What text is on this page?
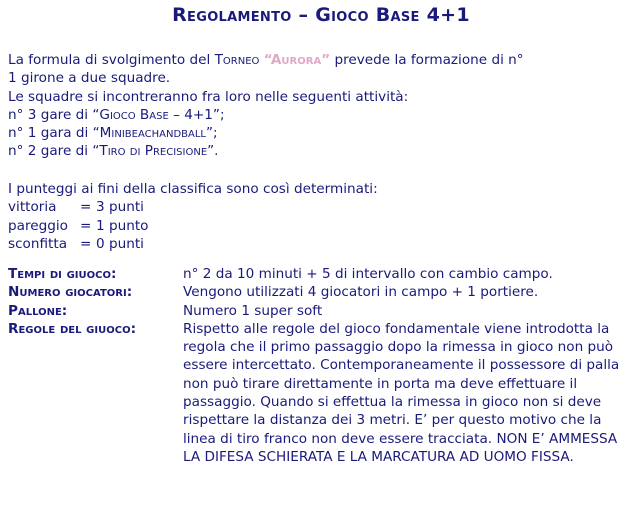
Regolamento – Gioco Base 4+1
La formula di svolgimento del Torneo “Aurora” prevede la formazione di n°
1 girone a due squadre.
Le squadre si incontreranno fra loro nelle seguenti attività:
n° 3 gare di “Gioco Base – 4+1”;
n° 1 gara di “Minibeachandball”;
n° 2 gare di “Tiro di Precisione”.
I punteggi ai fini della classifica sono così determinati:
vittoria	= 3 punti
pareggio = 1 punto
sconfitta = 0 punti
Tempi di giuoco:	n° 2 da 10 minuti + 5 di intervallo con cambio campo.
Numero giocatori:	Vengono utilizzati 4 giocatori in campo + 1 portiere.
Pallone:	Numero 1 super soft
Regole del giuoco:	Rispetto alle regole del gioco fondamentale viene introdotta la regola che il primo passaggio dopo la rimessa in gioco non può essere intercettato. Contemporaneamente il possessore di palla non può tirare direttamente in porta ma deve effettuare il passaggio. Quando si effettua la rimessa in gioco non si deve rispettare la distanza dei 3 metri. E’ per questo motivo che la linea di tiro franco non deve essere tracciata. NON E’ AMMESSA LA DIFESA SCHIERATA E LA MARCATURA AD UOMO FISSA.
